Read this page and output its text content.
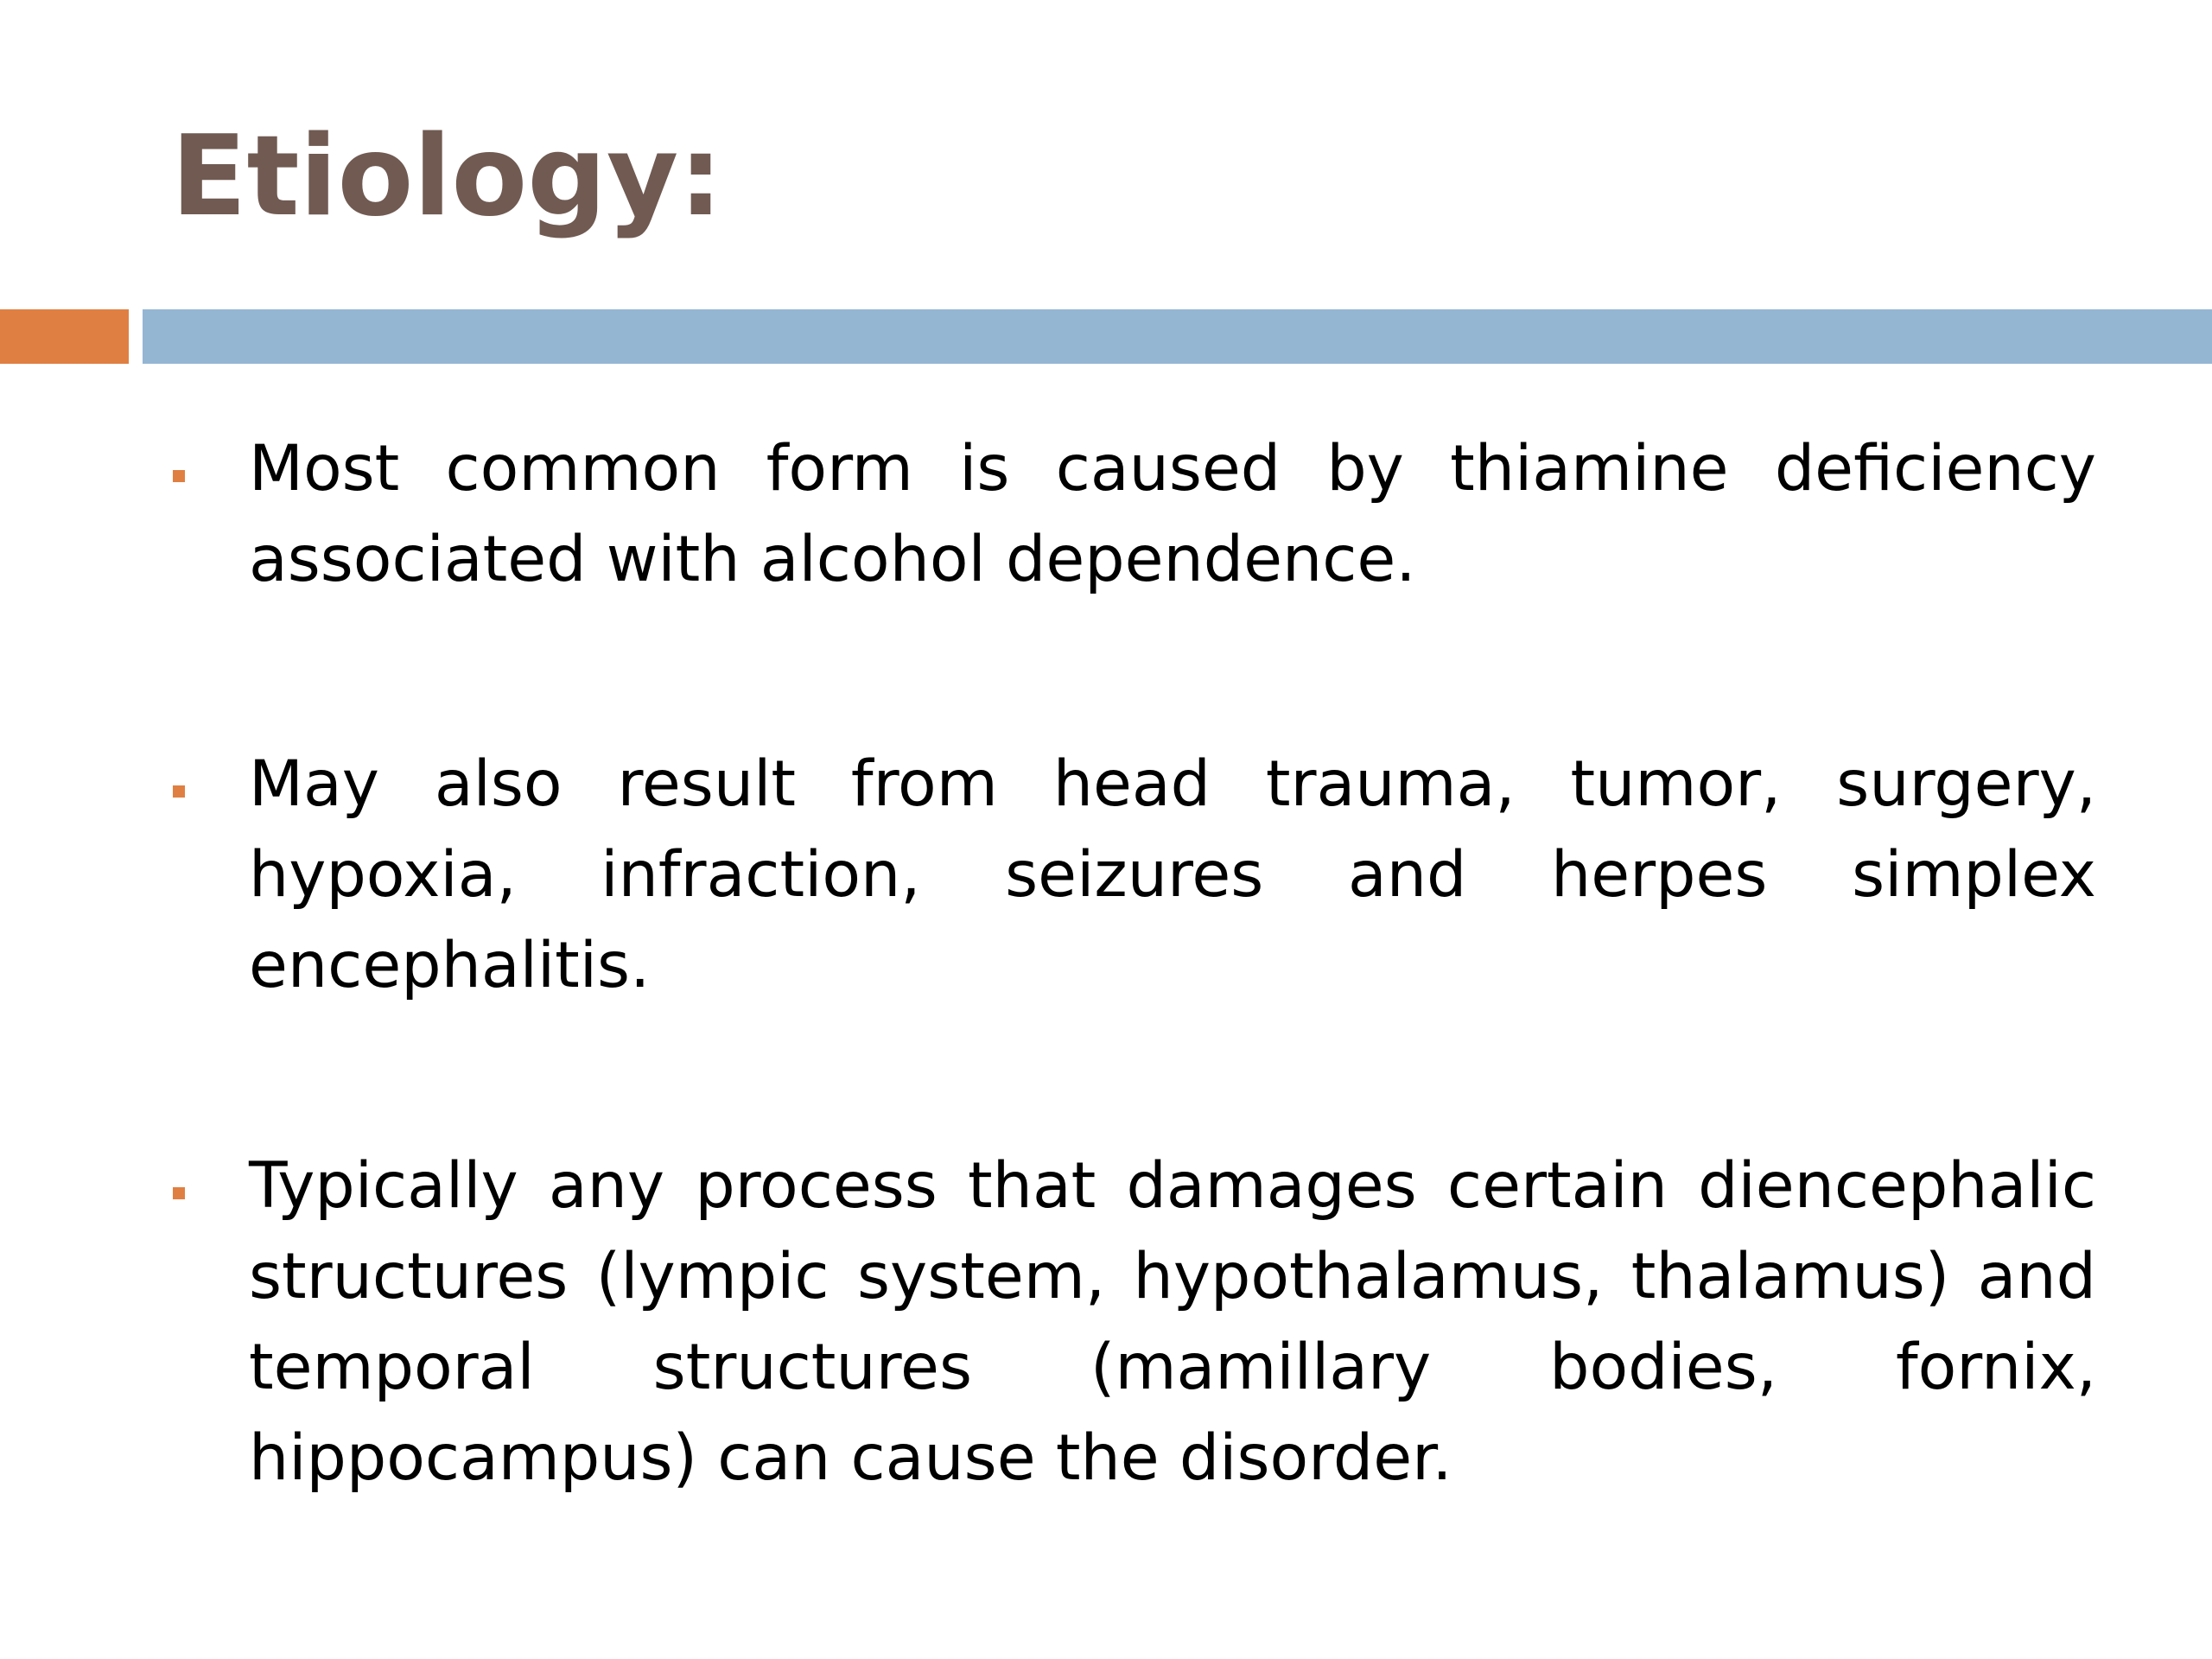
Etiology:
Most common form is caused by thiamine deficiency associated with alcohol dependence.
May also result from head trauma, tumor, surgery, hypoxia, infraction, seizures and herpes simplex encephalitis.
Typically any process that damages certain diencephalic structures (lympic system, hypothalamus, thalamus) and temporal structures (mamillary bodies, fornix, hippocampus) can cause the disorder.
